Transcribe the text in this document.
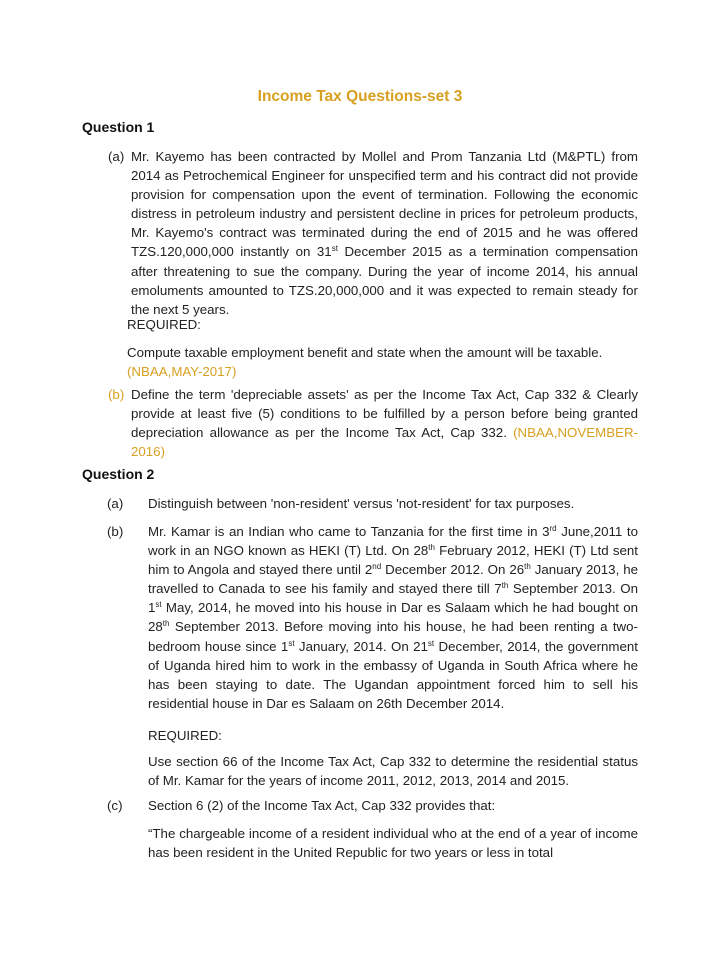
Income Tax Questions-set 3
Question 1
(a) Mr. Kayemo has been contracted by Mollel and Prom Tanzania Ltd (M&PTL) from 2014 as Petrochemical Engineer for unspecified term and his contract did not provide provision for compensation upon the event of termination. Following the economic distress in petroleum industry and persistent decline in prices for petroleum products, Mr. Kayemo's contract was terminated during the end of 2015 and he was offered TZS.120,000,000 instantly on 31st December 2015 as a termination compensation after threatening to sue the company. During the year of income 2014, his annual emoluments amounted to TZS.20,000,000 and it was expected to remain steady for the next 5 years.
REQUIRED:
Compute taxable employment benefit and state when the amount will be taxable.
(NBAA,MAY-2017)
(b) Define the term 'depreciable assets' as per the Income Tax Act, Cap 332 & Clearly provide at least five (5) conditions to be fulfilled by a person before being granted depreciation allowance as per the Income Tax Act, Cap 332. (NBAA,NOVEMBER-2016)
Question 2
(a) Distinguish between 'non-resident' versus 'not-resident' for tax purposes.
(b) Mr. Kamar is an Indian who came to Tanzania for the first time in 3rd June,2011 to work in an NGO known as HEKI (T) Ltd. On 28th February 2012, HEKI (T) Ltd sent him to Angola and stayed there until 2nd December 2012. On 26th January 2013, he travelled to Canada to see his family and stayed there till 7th September 2013. On 1st May, 2014, he moved into his house in Dar es Salaam which he had bought on 28th September 2013. Before moving into his house, he had been renting a two-bedroom house since 1st January, 2014. On 21st December, 2014, the government of Uganda hired him to work in the embassy of Uganda in South Africa where he has been staying to date. The Ugandan appointment forced him to sell his residential house in Dar es Salaam on 26th December 2014.
REQUIRED:
Use section 66 of the Income Tax Act, Cap 332 to determine the residential status of Mr. Kamar for the years of income 2011, 2012, 2013, 2014 and 2015.
(c) Section 6 (2) of the Income Tax Act, Cap 332 provides that:
“The chargeable income of a resident individual who at the end of a year of income has been resident in the United Republic for two years or less in total
